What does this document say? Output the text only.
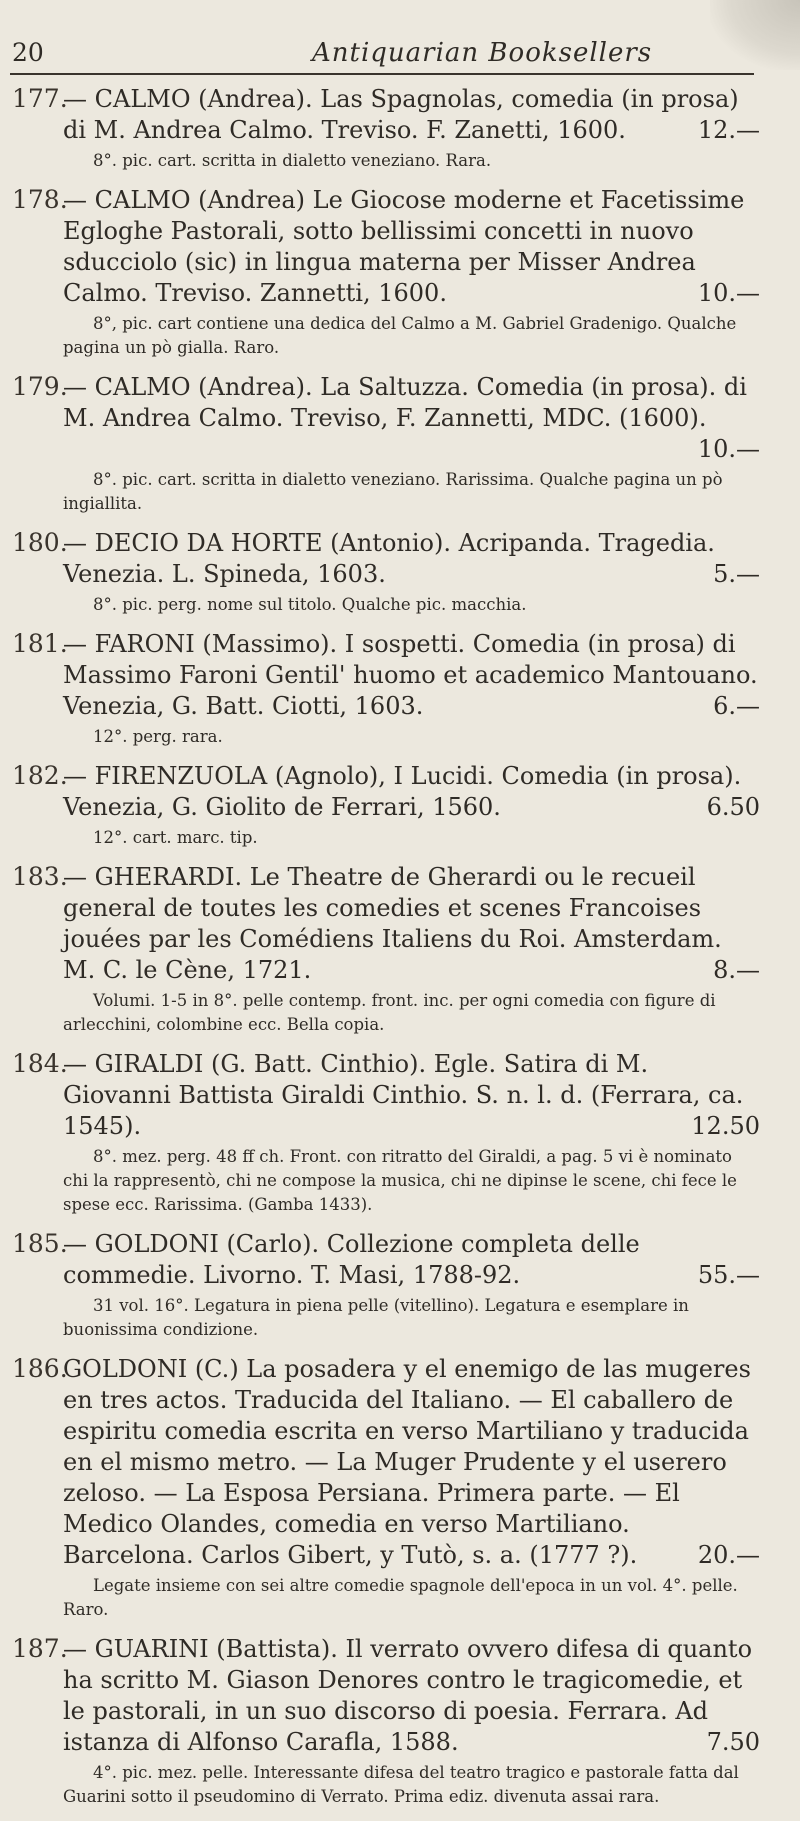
20	Antiquarian Booksellers
177.

— CALMO (Andrea). Las Spagnolas, comedia (in prosa) di M. Andrea Calmo. Treviso. F. Zanetti, 1600.	12.—

8°. pic. cart. scritta in dialetto veneziano. Rara.

178.

— CALMO (Andrea) Le Giocose moderne et Facetissime Egloghe Pastorali, sotto bellissimi concetti in nuovo sducciolo (sic) in lingua materna per Misser Andrea Calmo. Treviso. Zannetti, 1600.	10.—

8°, pic. cart contiene una dedica del Calmo a M. Gabriel Gradenigo. Qualche pagina un pò gialla. Raro.

179.

— CALMO (Andrea). La Saltuzza. Comedia (in prosa). di M. Andrea Calmo. Treviso, F. Zannetti, MDC. (1600).
10.—

8°. pic. cart. scritta in dialetto veneziano. Rarissima. Qualche pagina un pò ingiallita.

180.

— DECIO DA HORTE (Antonio). Acripanda. Tragedia. Venezia. L. Spineda, 1603.	5.—

8°. pic. perg. nome sul titolo. Qualche pic. macchia.

181.

— FARONI (Massimo). I sospetti. Comedia (in prosa) di Massimo Faroni Gentil' huomo et academico Mantouano. Venezia, G. Batt. Ciotti, 1603.	6.—

12°. perg. rara.

182.

— FIRENZUOLA (Agnolo), I Lucidi. Comedia (in prosa). Venezia, G. Giolito de Ferrari, 1560.	6.50

12°. cart. marc. tip.

183.

— GHERARDI. Le Theatre de Gherardi ou le recueil general de toutes les comedies et scenes Francoises jouées par les Comédiens Italiens du Roi. Amsterdam. M. C. le Cène, 1721.	8.—

Volumi. 1-5 in 8°. pelle contemp. front. inc. per ogni comedia con figure di arlecchini, colombine ecc. Bella copia.

184.

— GIRALDI (G. Batt. Cinthio). Egle. Satira di M. Giovanni Battista Giraldi Cinthio. S. n. l. d. (Ferrara, ca. 1545).	12.50

8°. mez. perg. 48 ff ch. Front. con ritratto del Giraldi, a pag. 5 vi è nominato chi la rappresentò, chi ne compose la musica, chi ne dipinse le scene, chi fece le spese ecc. Rarissima. (Gamba 1433).

185.

— GOLDONI (Carlo). Collezione completa delle commedie. Livorno. T. Masi, 1788-92.	55.—

31 vol. 16°. Legatura in piena pelle (vitellino). Legatura e esemplare in buonissima condizione.

186.

GOLDONI (C.) La posadera y el enemigo de las mugeres en tres actos. Traducida del Italiano. — El caballero de espiritu comedia escrita en verso Martiliano y traducida en el mismo metro. — La Muger Prudente y el userero zeloso. — La Esposa Persiana. Primera parte. — El Medico Olandes, comedia en verso Martiliano. Barcelona. Carlos Gibert, y Tutò, s. a. (1777 ?).	20.—

Legate insieme con sei altre comedie spagnole dell'epoca in un vol. 4°. pelle. Raro.

187.

— GUARINI (Battista). Il verrato ovvero difesa di quanto ha scritto M. Giason Denores contro le tragicomedie, et le pastorali, in un suo discorso di poesia. Ferrara. Ad istanza di Alfonso Carafla, 1588.	7.50

4°. pic. mez. pelle. Interessante difesa del teatro tragico e pastorale fatta dal Guarini sotto il pseudomino di Verrato. Prima ediz. divenuta assai rara.
